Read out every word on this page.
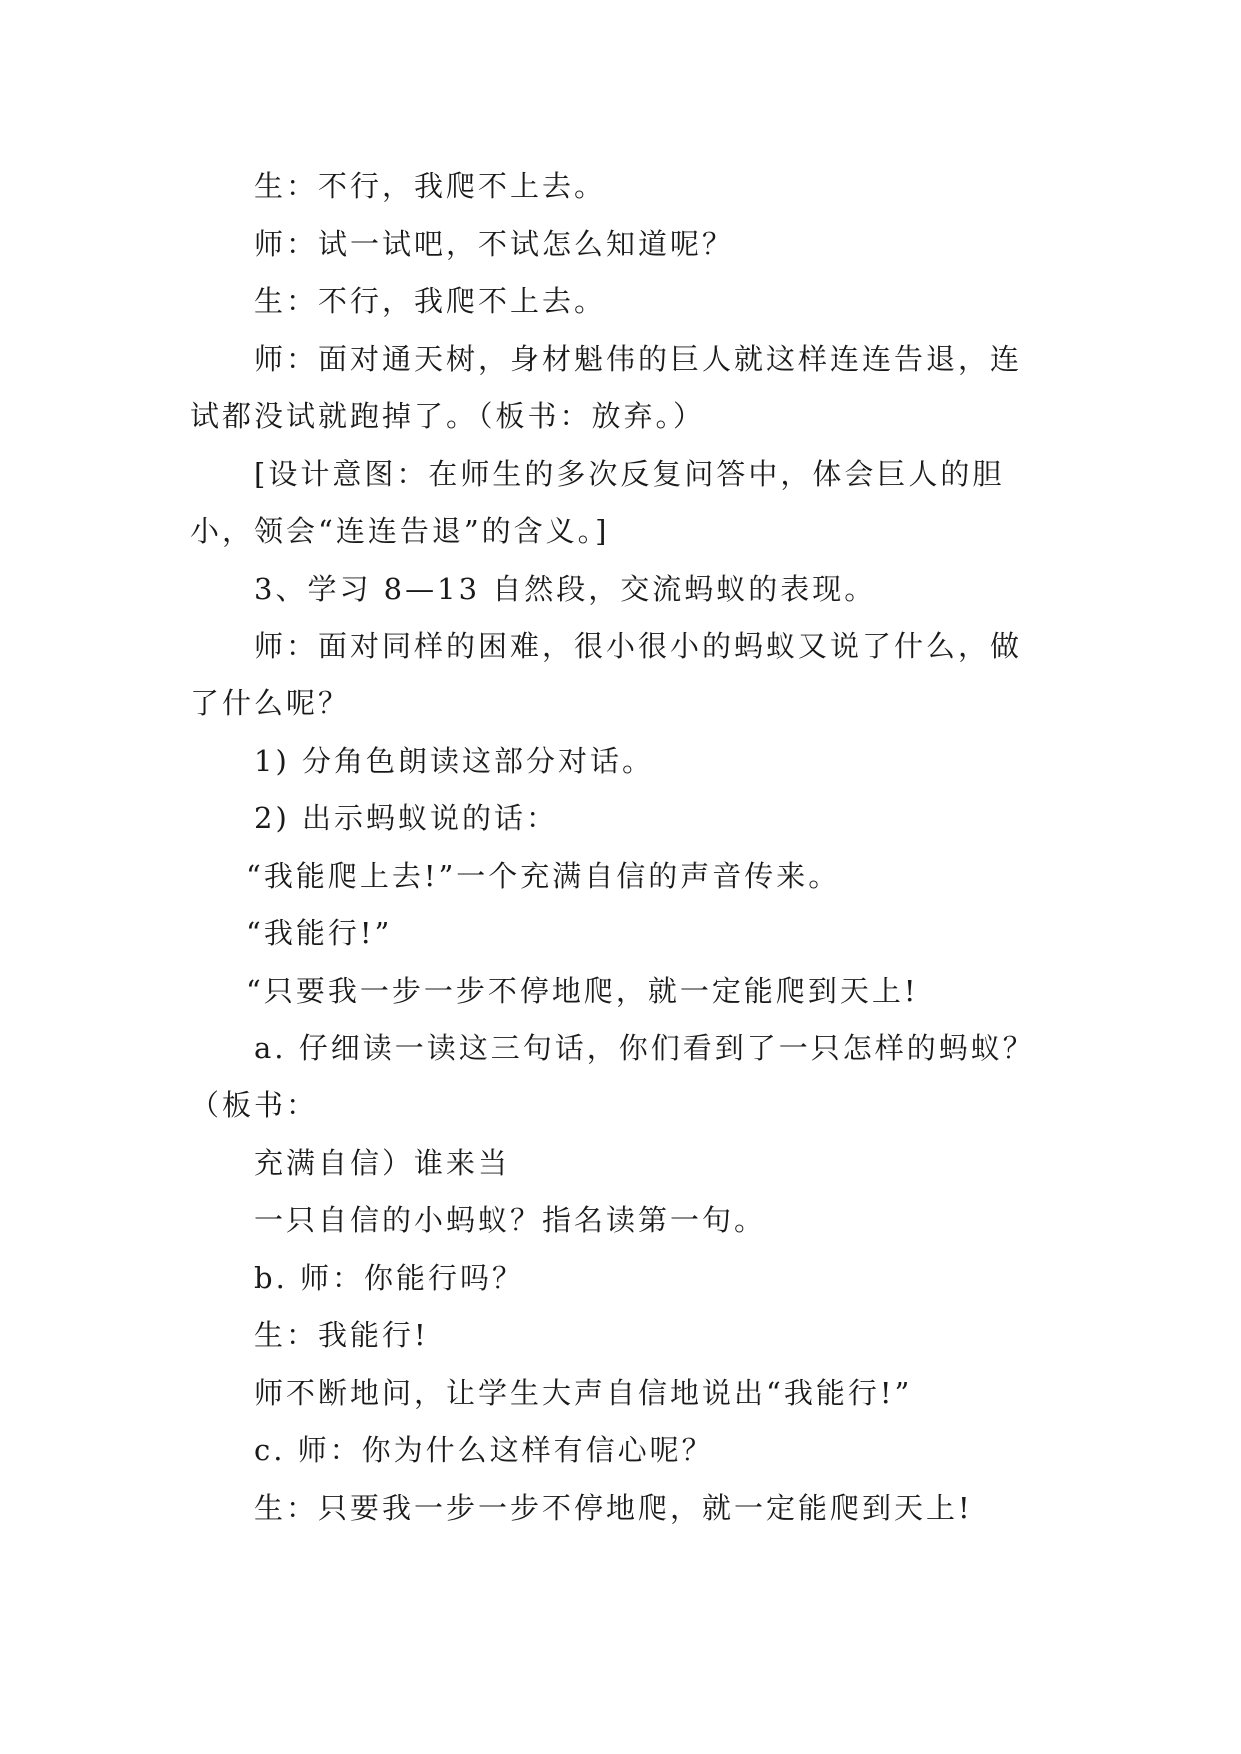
生：不行，我爬不上去。
师：试一试吧，不试怎么知道呢？
生：不行，我爬不上去。
师：面对通天树，身材魁伟的巨人就这样连连告退，连
试都没试就跑掉了。（板书：放弃。）
[设计意图：在师生的多次反复问答中，体会巨人的胆
小，领会“连连告退”的含义。]
3、学习 8—13 自然段，交流蚂蚁的表现。
师：面对同样的困难，很小很小的蚂蚁又说了什么，做
了什么呢？
1) 分角色朗读这部分对话。
2) 出示蚂蚁说的话：
“我能爬上去!”一个充满自信的声音传来。
“我能行!”
“只要我一步一步不停地爬，就一定能爬到天上!
a. 仔细读一读这三句话，你们看到了一只怎样的蚂蚁？
（板书：
充满自信）谁来当
一只自信的小蚂蚁？指名读第一句。
b. 师：你能行吗？
生：我能行!
师不断地问，让学生大声自信地说出“我能行!”
c. 师：你为什么这样有信心呢？
生：只要我一步一步不停地爬，就一定能爬到天上!
